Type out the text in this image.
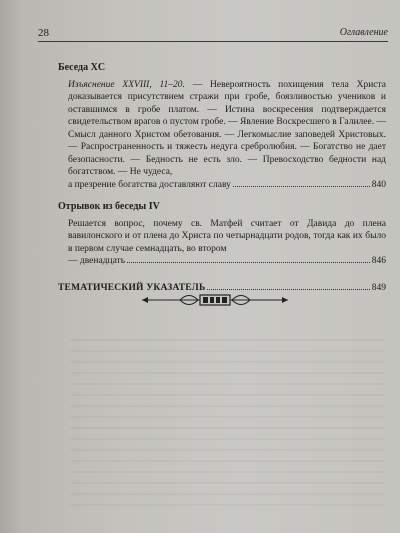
28	Оглавление
Беседа XC
Изъяснение XXVIII, 11–20. — Невероятность похищения тела Христа доказывается присутствием стражи при гробе, боязливостью учеников и оставшимся в гробе платом. — Истина воскресения подтверждается свидетельством врагов о пустом гробе. — Явление Воскресшего в Галилее. — Смысл данного Христом обетования. — Легкомыслие заповедей Христовых. — Распространенность и тяжесть недуга сребролюбия. — Богатство не дает безопасности. — Бедность не есть зло. — Превосходство бедности над богатством. — Не чудеса,
а презрение богатства доставляют славу	840
Отрывок из беседы IV
Решается вопрос, почему св. Матфей считает от Давида до плена вавилонского и от плена до Христа по четырнадцати родов, тогда как их было в первом случае семнадцать, во втором
— двенадцать	846
ТЕМАТИЧЕСКИЙ УКАЗАТЕЛЬ	849
